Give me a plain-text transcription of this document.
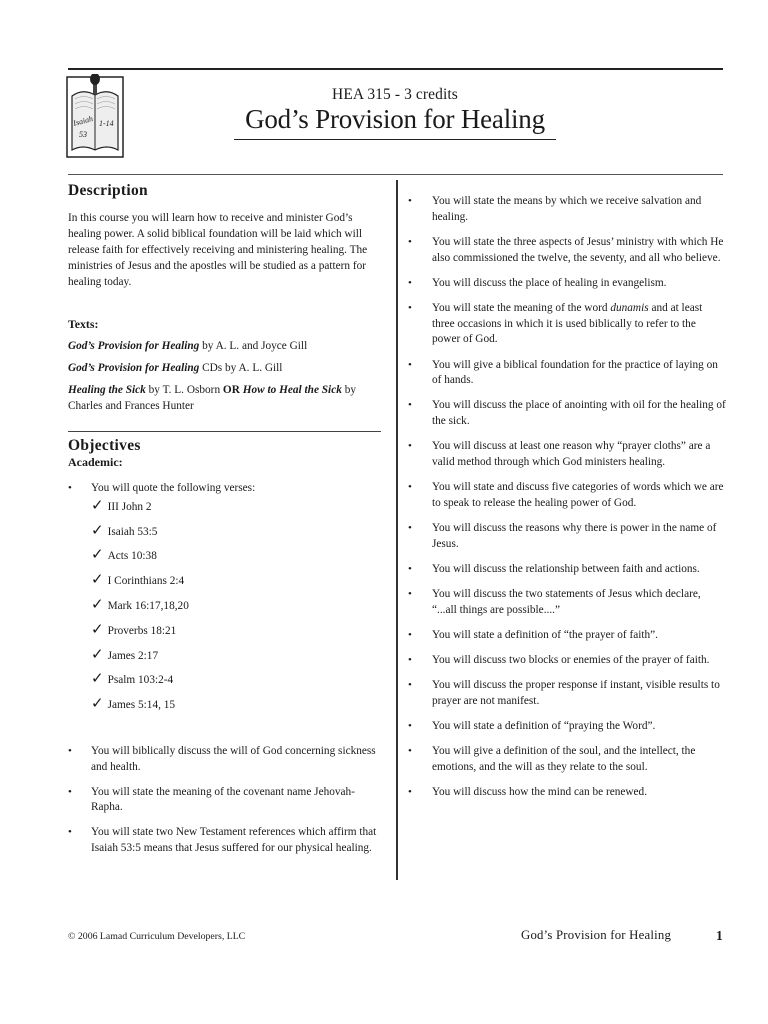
Isaiah
53
1-14
HEA 315 - 3 credits
God’s Provision for Healing
Description

In this course you will learn how to receive and minister God’s healing power. A solid biblical foundation will be laid which will release faith for effectively receiving and ministering healing. The ministries of Jesus and the apostles will be studied as a pattern for healing today.

Texts:

God’s Provision for Healing by A. L. and Joyce Gill

God’s Provision for Healing CDs by A. L. Gill

Healing the Sick by T. L. Osborn OR How to Heal the Sick by Charles and Frances Hunter

Objectives

Academic:

• You will quote the following verses:
✓ III John 2
✓ Isaiah 53:5
✓ Acts 10:38
✓ I Corinthians 2:4
✓ Mark 16:17,18,20
✓ Proverbs 18:21
✓ James 2:17
✓ Psalm 103:2-4
✓ James 5:14, 15
• You will biblically discuss the will of God concerning sickness and health.
• You will state the meaning of the covenant name Jehovah-Rapha.
• You will state two New Testament references which affirm that Isaiah 53:5 means that Jesus suffered for our physical healing.
• You will state the means by which we receive salvation and healing.
• You will state the three aspects of Jesus’ ministry with which He also commissioned the twelve, the seventy, and all who believe.
• You will discuss the place of healing in evangelism.
• You will state the meaning of the word dunamis and at least three occasions in which it is used biblically to refer to the power of God.
• You will give a biblical foundation for the practice of laying on of hands.
• You will discuss the place of anointing with oil for the healing of the sick.
• You will discuss at least one reason why “prayer cloths” are a valid method through which God ministers healing.
• You will state and discuss five categories of words which we are to speak to release the healing power of God.
• You will discuss the reasons why there is power in the name of Jesus.
• You will discuss the relationship between faith and actions.
• You will discuss the two statements of Jesus which declare, “...all things are possible....”
• You will state a definition of “the prayer of faith”.
• You will discuss two blocks or enemies of the prayer of faith.
• You will discuss the proper response if instant, visible results to prayer are not manifest.
• You will state a definition of “praying the Word”.
• You will give a definition of the soul, and the intellect, the emotions, and the will as they relate to the soul.
• You will discuss how the mind can be renewed.
© 2006 Lamad Curriculum Developers, LLC	God’s Provision for Healing	1
